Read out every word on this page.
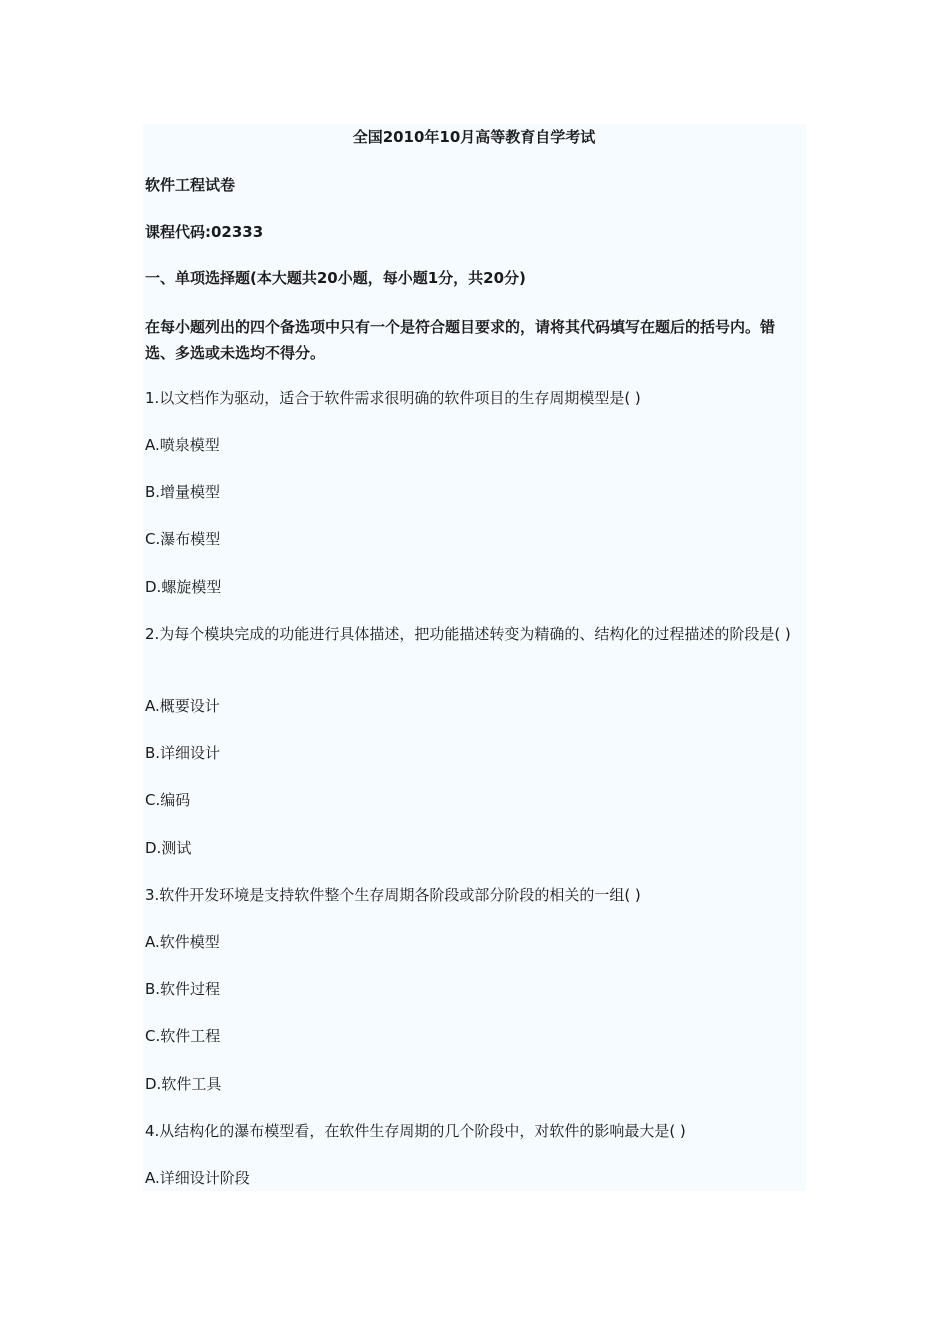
全国2010年10月高等教育自学考试
软件工程试卷
课程代码:02333
一、单项选择题(本大题共20小题，每小题1分，共20分)
在每小题列出的四个备选项中只有一个是符合题目要求的，请将其代码填写在题后的括号内。错选、多选或未选均不得分。
1.以文档作为驱动，适合于软件需求很明确的软件项目的生存周期模型是( )
A.喷泉模型
B.增量模型
C.瀑布模型
D.螺旋模型
2.为每个模块完成的功能进行具体描述，把功能描述转变为精确的、结构化的过程描述的阶段是( )
A.概要设计
B.详细设计
C.编码
D.测试
3.软件开发环境是支持软件整个生存周期各阶段或部分阶段的相关的一组( )
A.软件模型
B.软件过程
C.软件工程
D.软件工具
4.从结构化的瀑布模型看，在软件生存周期的几个阶段中，对软件的影响最大是( )
A.详细设计阶段
